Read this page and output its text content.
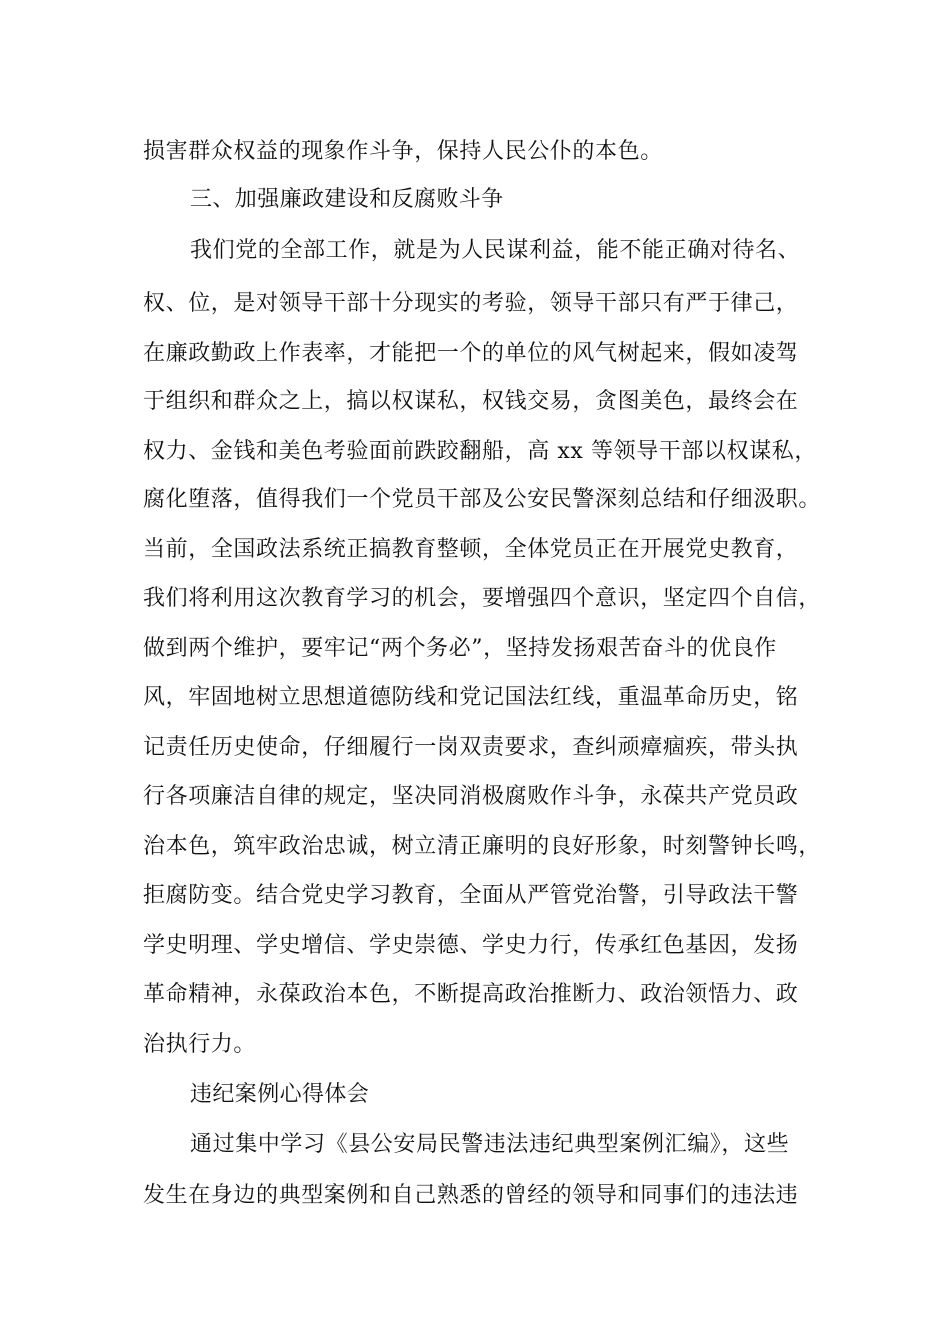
损害群众权益的现象作斗争，保持人民公仆的本色。
三、加强廉政建设和反腐败斗争
我们党的全部工作，就是为人民谋利益，能不能正确对待名、
权、位，是对领导干部十分现实的考验，领导干部只有严于律己，
在廉政勤政上作表率，才能把一个的单位的风气树起来，假如凌驾
于组织和群众之上，搞以权谋私，权钱交易，贪图美色，最终会在
权力、金钱和美色考验面前跌跤翻船，高 xx 等领导干部以权谋私，
腐化堕落，值得我们一个党员干部及公安民警深刻总结和仔细汲职。
当前，全国政法系统正搞教育整顿，全体党员正在开展党史教育，
我们将利用这次教育学习的机会，要增强四个意识，坚定四个自信，
做到两个维护，要牢记“两个务必”，坚持发扬艰苦奋斗的优良作
风，牢固地树立思想道德防线和党记国法红线，重温革命历史，铭
记责任历史使命，仔细履行一岗双责要求，查纠顽瘴痼疾，带头执
行各项廉洁自律的规定，坚决同消极腐败作斗争，永葆共产党员政
治本色，筑牢政治忠诚，树立清正廉明的良好形象，时刻警钟长鸣，
拒腐防变。结合党史学习教育，全面从严管党治警，引导政法干警
学史明理、学史增信、学史崇德、学史力行，传承红色基因，发扬
革命精神，永葆政治本色，不断提高政治推断力、政治领悟力、政
治执行力。
违纪案例心得体会
通过集中学习《县公安局民警违法违纪典型案例汇编》，这些
发生在身边的典型案例和自己熟悉的曾经的领导和同事们的违法违
